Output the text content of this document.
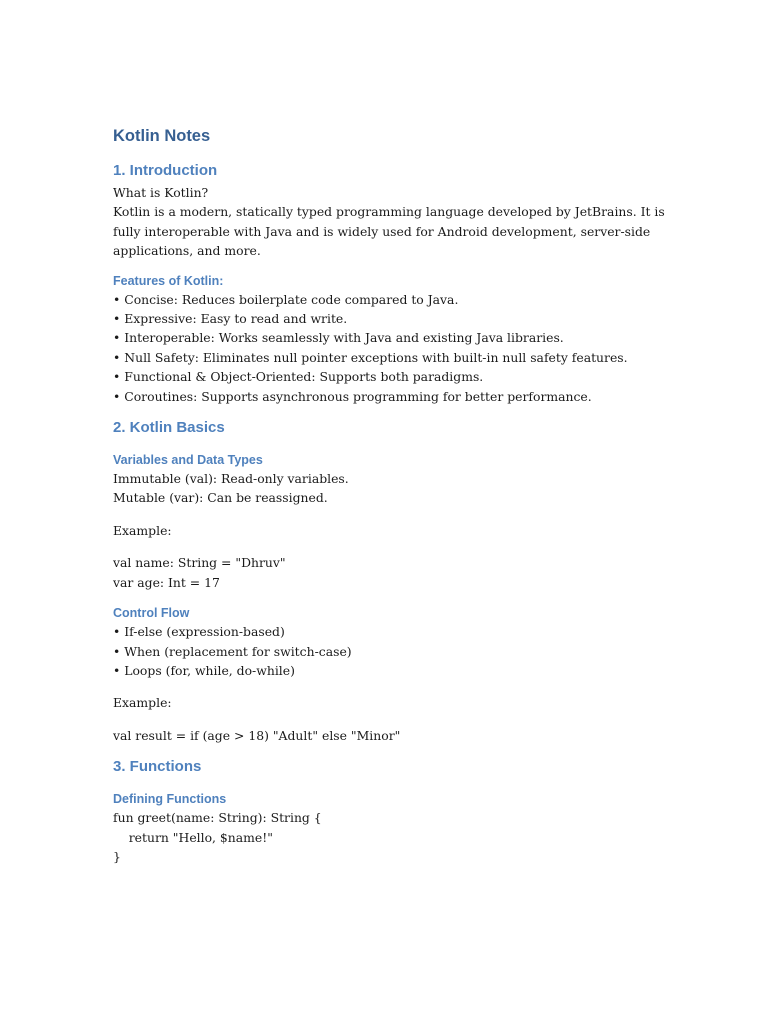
Kotlin Notes
1. Introduction
What is Kotlin?
Kotlin is a modern, statically typed programming language developed by JetBrains. It is fully interoperable with Java and is widely used for Android development, server-side applications, and more.
Features of Kotlin:
• Concise: Reduces boilerplate code compared to Java.
• Expressive: Easy to read and write.
• Interoperable: Works seamlessly with Java and existing Java libraries.
• Null Safety: Eliminates null pointer exceptions with built-in null safety features.
• Functional & Object-Oriented: Supports both paradigms.
• Coroutines: Supports asynchronous programming for better performance.
2. Kotlin Basics
Variables and Data Types
Immutable (val): Read-only variables.
Mutable (var): Can be reassigned.
Example:
val name: String = "Dhruv"
var age: Int = 17
Control Flow
• If-else (expression-based)
• When (replacement for switch-case)
• Loops (for, while, do-while)
Example:
val result = if (age > 18) "Adult" else "Minor"
3. Functions
Defining Functions
fun greet(name: String): String {
return "Hello, $name!"
}
